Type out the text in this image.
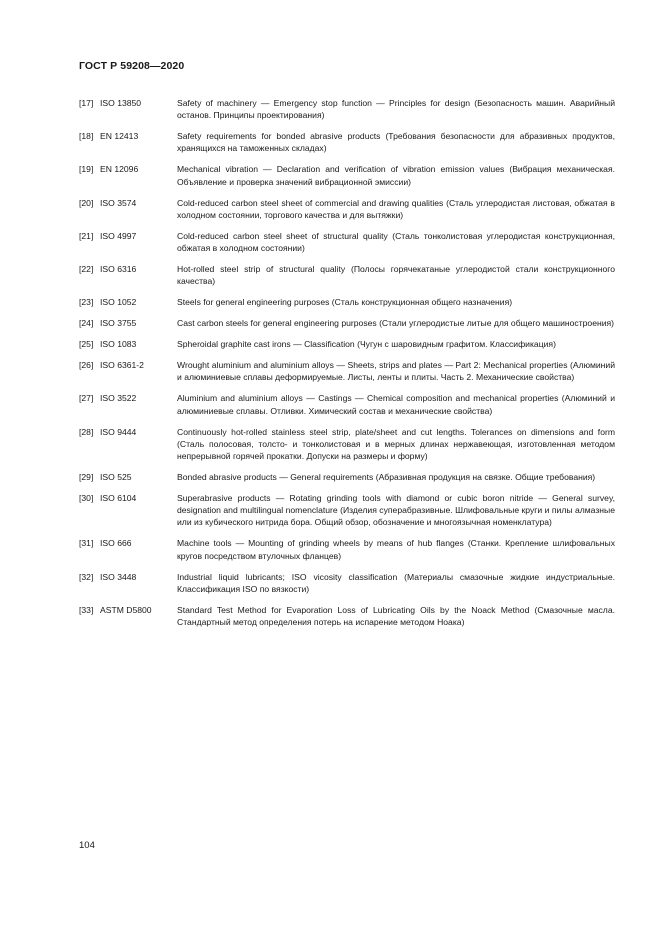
ГОСТ Р 59208—2020
[17] ISO 13850	Safety of machinery — Emergency stop function — Principles for design (Безопасность машин. Аварийный останов. Принципы проектирования)
[18] EN 12413	Safety requirements for bonded abrasive products (Требования безопасности для абразивных продуктов, хранящихся на таможенных складах)
[19] EN 12096	Mechanical vibration — Declaration and verification of vibration emission values (Вибрация механическая. Объявление и проверка значений вибрационной эмиссии)
[20] ISO 3574	Cold-reduced carbon steel sheet of commercial and drawing qualities (Сталь углеродистая листовая, обжатая в холодном состоянии, торгового качества и для вытяжки)
[21] ISO 4997	Cold-reduced carbon steel sheet of structural quality (Сталь тонколистовая углеродистая конструкционная, обжатая в холодном состоянии)
[22] ISO 6316	Hot-rolled steel strip of structural quality (Полосы горячекатаные углеродистой стали конструкционного качества)
[23] ISO 1052	Steels for general engineering purposes (Сталь конструкционная общего назначения)
[24] ISO 3755	Cast carbon steels for general engineering purposes (Стали углеродистые литые для общего машиностроения)
[25] ISO 1083	Spheroidal graphite cast irons — Classification (Чугун с шаровидным графитом. Классификация)
[26] ISO 6361-2	Wrought aluminium and aluminium alloys — Sheets, strips and plates — Part 2: Mechanical properties (Алюминий и алюминиевые сплавы деформируемые. Листы, ленты и плиты. Часть 2. Механические свойства)
[27] ISO 3522	Aluminium and aluminium alloys — Castings — Chemical composition and mechanical properties (Алюминий и алюминиевые сплавы. Отливки. Химический состав и механические свойства)
[28] ISO 9444	Continuously hot-rolled stainless steel strip, plate/sheet and cut lengths. Tolerances on dimensions and form (Сталь полосовая, толсто- и тонколистовая и в мерных длинах нержавеющая, изготовленная методом непрерывной горячей прокатки. Допуски на размеры и форму)
[29] ISO 525	Bonded abrasive products — General requirements (Абразивная продукция на связке. Общие требования)
[30] ISO 6104	Superabrasive products — Rotating grinding tools with diamond or cubic boron nitride — General survey, designation and multilingual nomenclature (Изделия суперабразивные. Шлифовальные круги и пилы алмазные или из кубического нитрида бора. Общий обзор, обозначение и многоязычная номенклатура)
[31] ISO 666	Machine tools — Mounting of grinding wheels by means of hub flanges (Станки. Крепление шлифовальных кругов посредством втулочных фланцев)
[32] ISO 3448	Industrial liquid lubricants; ISO vicosity classification (Материалы смазочные жидкие индустриальные. Классификация ISO по вязкости)
[33] ASTM D5800	Standard Test Method for Evaporation Loss of Lubricating Oils by the Noack Method (Смазочные масла. Стандартный метод определения потерь на испарение методом Ноака)
104
